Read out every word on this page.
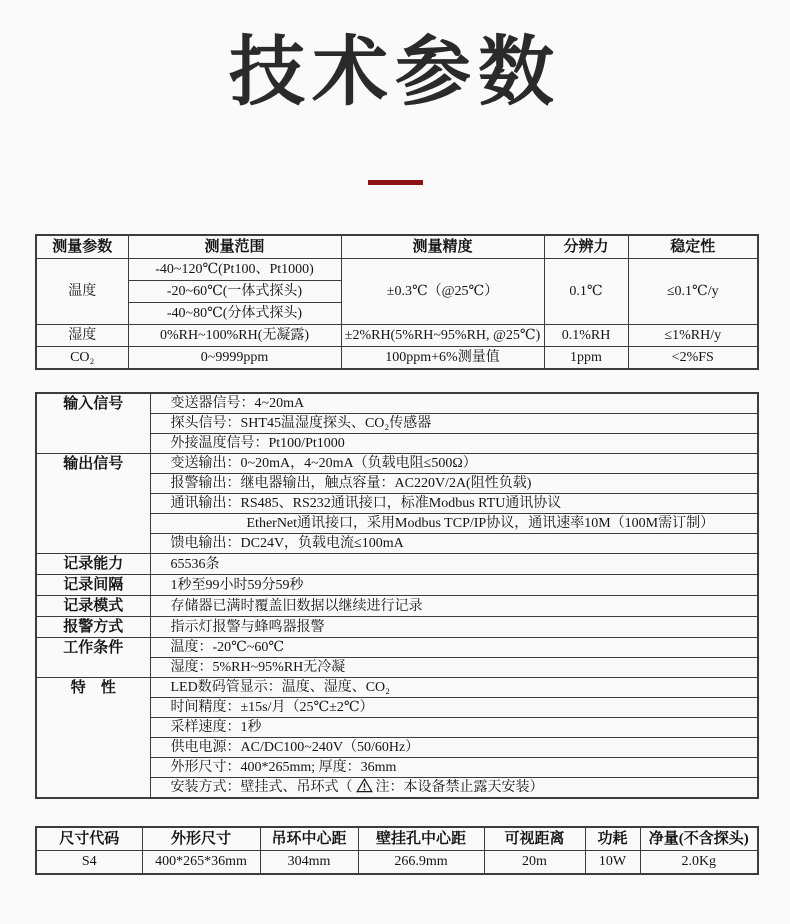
技术参数
测量参数	测量范围	测量精度	分辨力	稳定性
温度	-40~120℃(Pt100、Pt1000)	±0.3℃（@25℃）	0.1℃	≤0.1℃/y
	-20~60℃(一体式探头)			
	-40~80℃(分体式探头)			
湿度	0%RH~100%RH(无凝露)	±2%RH(5%RH~95%RH, @25℃)	0.1%RH	≤1%RH/y
CO₂	0~9999ppm	100ppm+6%测量值	1ppm	<2%FS
输入信号	变送器信号：4~20mA
	探头信号：SHT45温湿度探头、CO₂传感器
	外接温度信号：Pt100/Pt1000
输出信号	变送输出：0~20mA，4~20mA（负载电阻≤500Ω）
	报警输出：继电器输出，触点容量：AC220V/2A(阻性负载)
	通讯输出：RS485、RS232通讯接口，标准Modbus RTU通讯协议
	EtherNet通讯接口，采用Modbus TCP/IP协议，通讯速率10M（100M需订制）
	馈电输出：DC24V，负载电流≤100mA
记录能力	65536条
记录间隔	1秒至99小时59分59秒
记录模式	存储器已满时覆盖旧数据以继续进行记录
报警方式	指示灯报警与蜂鸣器报警
工作条件	温度：-20℃~60℃
	湿度：5%RH~95%RH无冷凝
特　性	LED数码管显示：温度、湿度、CO₂
	时间精度：±15s/月（25℃±2℃）
	采样速度：1秒
	供电电源：AC/DC100~240V（50/60Hz）
	外形尺寸：400*265mm; 厚度：36mm
	安装方式：壁挂式、吊环式（ 注：本设备禁止露天安装）
尺寸代码	外形尺寸	吊环中心距	壁挂孔中心距	可视距离	功耗	净量(不含探头)
S4	400*265*36mm	304mm	266.9mm	20m	10W	2.0Kg
